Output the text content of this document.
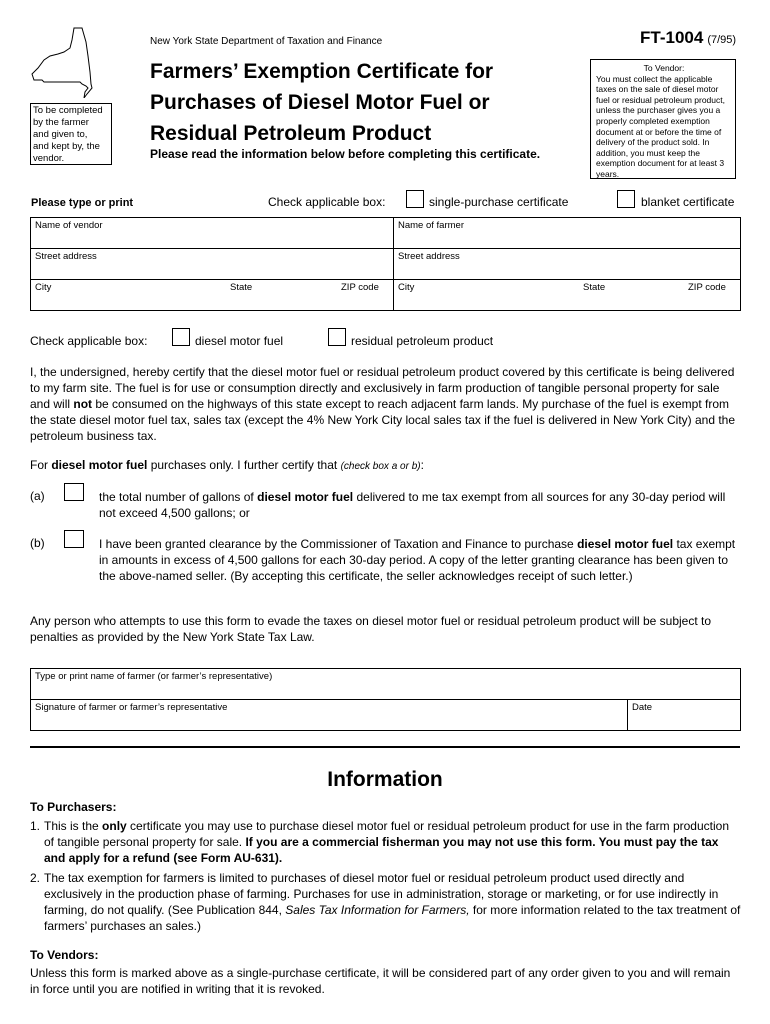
New York State Department of Taxation and Finance	FT-1004 (7/95)
Farmers’ Exemption Certificate for
Purchases of Diesel Motor Fuel or
Residual Petroleum Product
Please read the information below before completing this certificate.
To be completed
by the farmer
and given to,
and kept by, the
vendor.
To Vendor:
You must collect the applicable taxes on the sale of diesel motor fuel or residual petroleum product, unless the purchaser gives you a properly completed exemption document at or before the time of delivery of the product sold. In addition, you must keep the exemption document for at least 3 years.
Please type or print	Check applicable box:	single-purchase certificate	blanket certificate
Name of vendor	Name of farmer
Street address	Street address

City State ZIP code	City State ZIP code
Check applicable box:	diesel motor fuel	residual petroleum product
I, the undersigned, hereby certify that the diesel motor fuel or residual petroleum product covered by this certificate is being delivered to my farm site. The fuel is for use or consumption directly and exclusively in farm production of tangible personal property for sale and will not be consumed on the highways of this state except to reach adjacent farm lands. My purchase of the fuel is exempt from the state diesel motor fuel tax, sales tax (except the 4% New York City local sales tax if the fuel is delivered in New York City) and the petroleum business tax.
For diesel motor fuel purchases only. I further certify that (check box a or b):
(a)	the total number of gallons of diesel motor fuel delivered to me tax exempt from all sources for any 30-day period will not exceed 4,500 gallons; or
(b)	I have been granted clearance by the Commissioner of Taxation and Finance to purchase diesel motor fuel tax exempt in amounts in excess of 4,500 gallons for each 30-day period. A copy of the letter granting clearance has been given to the above-named seller. (By accepting this certificate, the seller acknowledges receipt of such letter.)
Any person who attempts to use this form to evade the taxes on diesel motor fuel or residual petroleum product will be subject to penalties as provided by the New York State Tax Law.
Type or print name of farmer (or farmer’s representative)
Signature of farmer or farmer’s representative	Date
Information
To Purchasers:
1. This is the only certificate you may use to purchase diesel motor fuel or residual petroleum product for use in the farm production of tangible personal property for sale. If you are a commercial fisherman you may not use this form. You must pay the tax and apply for a refund (see Form AU-631).
2. The tax exemption for farmers is limited to purchases of diesel motor fuel or residual petroleum product used directly and exclusively in the production phase of farming. Purchases for use in administration, storage or marketing, or for use indirectly in farming, do not qualify. (See Publication 844, Sales Tax Information for Farmers, for more information related to the tax treatment of farmers’ purchases an sales.)
To Vendors:
Unless this form is marked above as a single-purchase certificate, it will be considered part of any order given to you and will remain in force until you are notified in writing that it is revoked.
